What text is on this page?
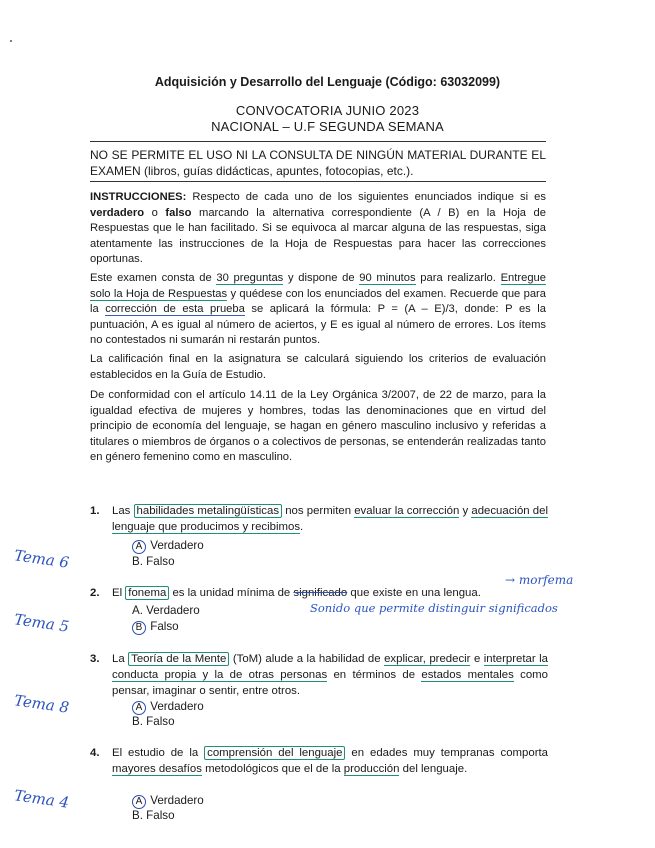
Adquisición y Desarrollo del Lenguaje (Código: 63032099)
CONVOCATORIA JUNIO 2023
NACIONAL – U.F SEGUNDA SEMANA
NO SE PERMITE EL USO NI LA CONSULTA DE NINGÚN MATERIAL DURANTE EL EXAMEN (libros, guías didácticas, apuntes, fotocopias, etc.).
INSTRUCCIONES: Respecto de cada uno de los siguientes enunciados indique si es verdadero o falso marcando la alternativa correspondiente (A / B) en la Hoja de Respuestas que le han facilitado. Si se equivoca al marcar alguna de las respuestas, siga atentamente las instrucciones de la Hoja de Respuestas para hacer las correcciones oportunas.
Este examen consta de 30 preguntas y dispone de 90 minutos para realizarlo. Entregue solo la Hoja de Respuestas y quédese con los enunciados del examen. Recuerde que para la corrección de esta prueba se aplicará la fórmula: P = (A – E)/3, donde: P es la puntuación, A es igual al número de aciertos, y E es igual al número de errores. Los ítems no contestados ni sumarán ni restarán puntos.
La calificación final en la asignatura se calculará siguiendo los criterios de evaluación establecidos en la Guía de Estudio.
De conformidad con el artículo 14.11 de la Ley Orgánica 3/2007, de 22 de marzo, para la igualdad efectiva de mujeres y hombres, todas las denominaciones que en virtud del principio de economía del lenguaje, se hagan en género masculino inclusivo y referidas a titulares o miembros de órganos o a colectivos de personas, se entenderán realizadas tanto en género femenino como en masculino.
1. Las habilidades metalingüísticas nos permiten evaluar la corrección y adecuación del lenguaje que producimos y recibimos.
A Verdadero
B. Falso
Tema 6
2. El fonema es la unidad mínima de significado que existe en una lengua.
→ morfema
Sonido que permite distinguir significados
A. Verdadero
B Falso
Tema 5
3. La Teoría de la Mente (ToM) alude a la habilidad de explicar, predecir e interpretar la conducta propia y la de otras personas en términos de estados mentales como pensar, imaginar o sentir, entre otros.
A Verdadero
B. Falso
Tema 8
4. El estudio de la comprensión del lenguaje en edades muy tempranas comporta mayores desafíos metodológicos que el de la producción del lenguaje.
A Verdadero
B. Falso
Tema 4
